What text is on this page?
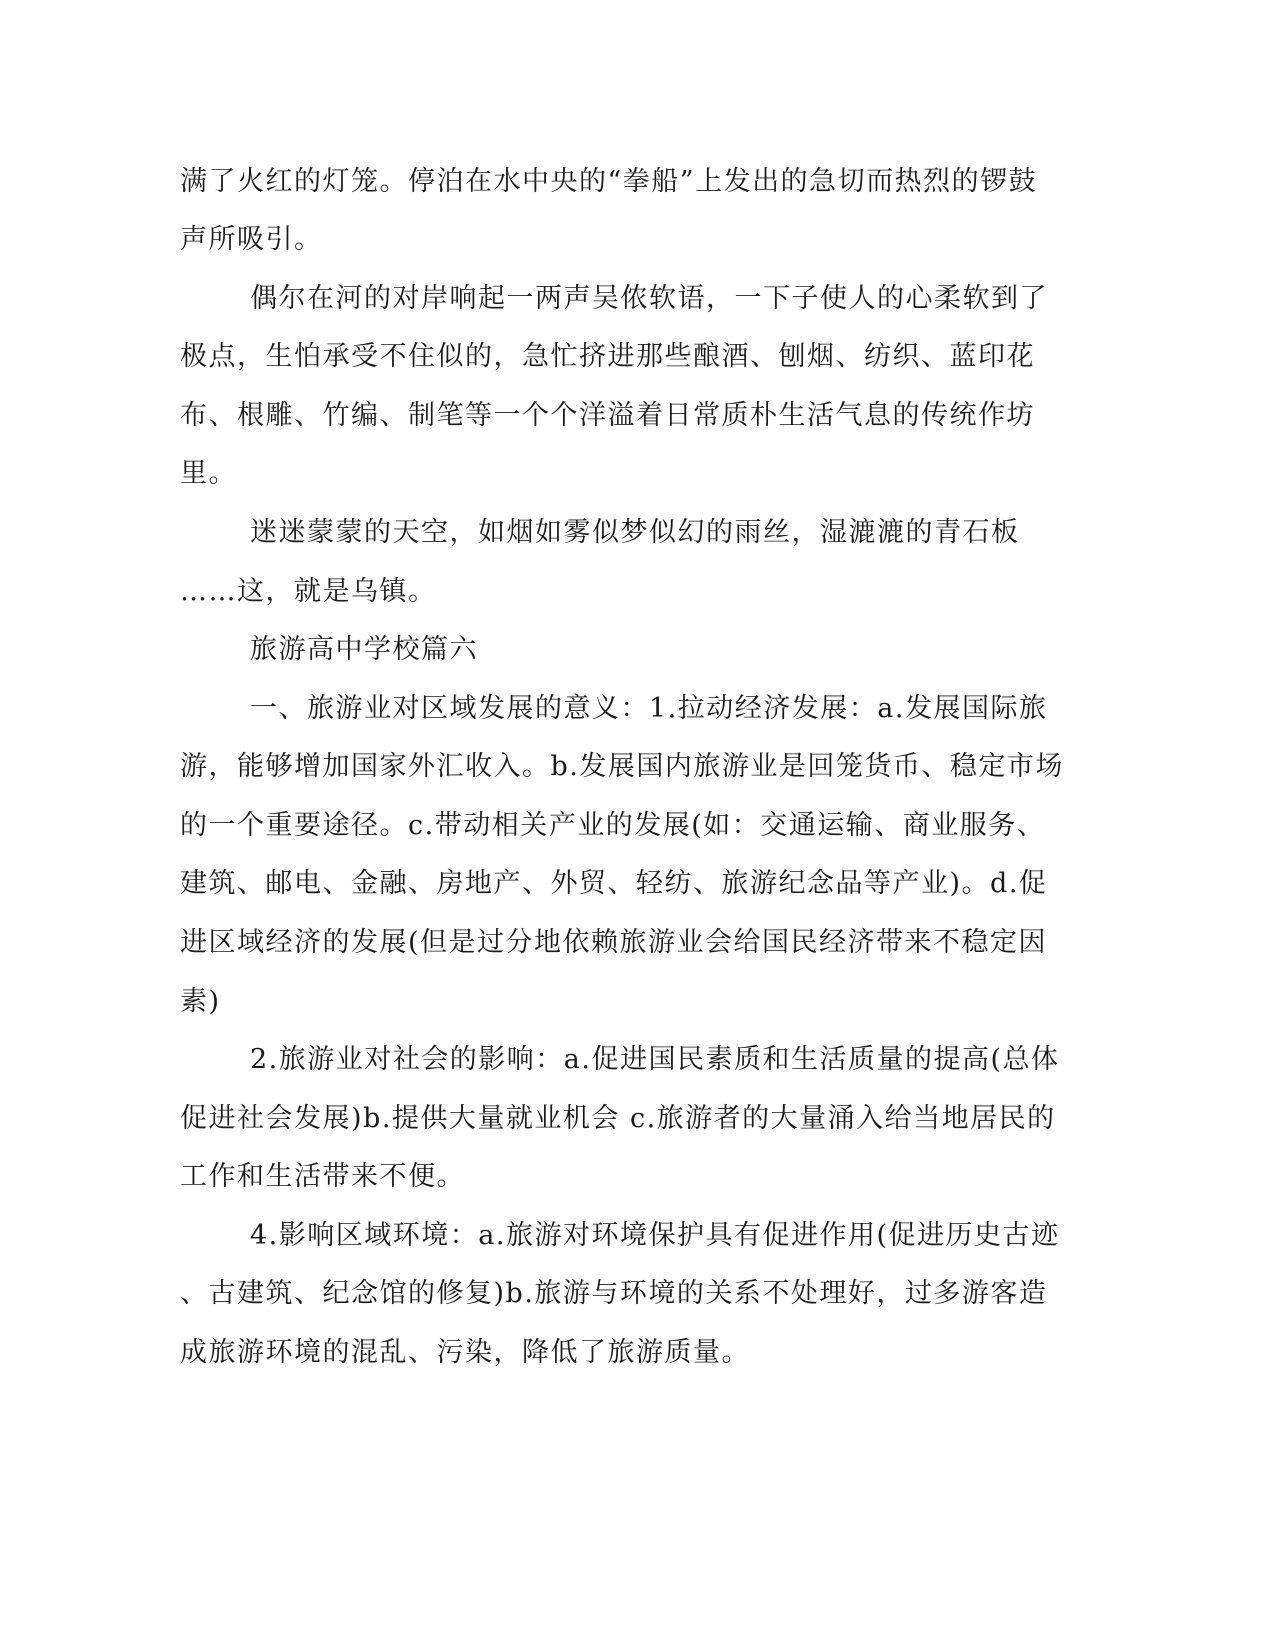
满了火红的灯笼。停泊在水中央的“拳船”上发出的急切而热烈的锣鼓
声所吸引。
偶尔在河的对岸响起一两声吴侬软语，一下子使人的心柔软到了
极点，生怕承受不住似的，急忙挤进那些酿酒、刨烟、纺织、蓝印花
布、根雕、竹编、制笔等一个个洋溢着日常质朴生活气息的传统作坊
里。
迷迷蒙蒙的天空，如烟如雾似梦似幻的雨丝，湿漉漉的青石板
……这，就是乌镇。
旅游高中学校篇六
一、旅游业对区域发展的意义：1.拉动经济发展：a.发展国际旅
游，能够增加国家外汇收入。b.发展国内旅游业是回笼货币、稳定市场
的一个重要途径。c.带动相关产业的发展(如：交通运输、商业服务、
建筑、邮电、金融、房地产、外贸、轻纺、旅游纪念品等产业)。d.促
进区域经济的发展(但是过分地依赖旅游业会给国民经济带来不稳定因
素)
2.旅游业对社会的影响：a.促进国民素质和生活质量的提高(总体
促进社会发展)b.提供大量就业机会 c.旅游者的大量涌入给当地居民的
工作和生活带来不便。
4.影响区域环境：a.旅游对环境保护具有促进作用(促进历史古迹
、古建筑、纪念馆的修复)b.旅游与环境的关系不处理好，过多游客造
成旅游环境的混乱、污染，降低了旅游质量。
